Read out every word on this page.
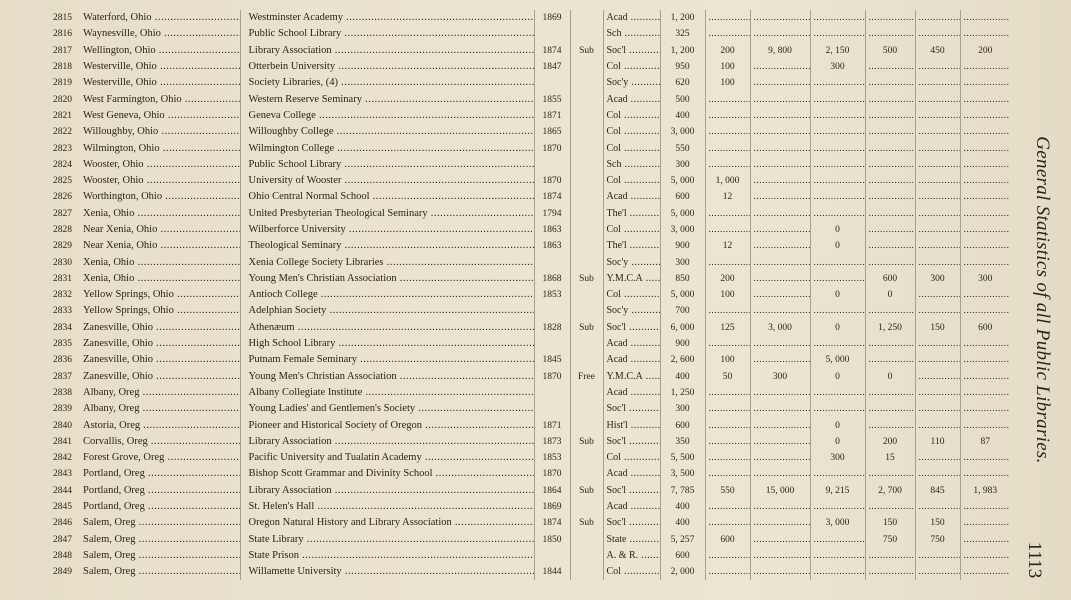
2815	Waterford, Ohio .....	Westminster Academy .....	1869		Acad .....	1, 200	.....	.....	.....	.....	.....	.....
2816	Waynesville, Ohio .....	Public School Library .....			Sch .....	325	.....	.....	.....	.....	.....	.....
2817	Wellington, Ohio .....	Library Association .....	1874	Sub	Soc'l .....	1, 200	200	9, 800	2, 150	500	450	200
2818	Westerville, Ohio .....	Otterbein University .....	1847		Col .....	950	100	.....	300	.....	.....	.....
2819	Westerville, Ohio .....	Society Libraries, (4) .....			Soc'y .....	620	100	.....	.....	.....	.....	.....
2820	West Farmington, Ohio .....	Western Reserve Seminary .....	1855		Acad .....	500	.....	.....	.....	.....	.....	.....
2821	West Geneva, Ohio .....	Geneva College .....	1871		Col .....	400	.....	.....	.....	.....	.....	.....
2822	Willoughby, Ohio .....	Willoughby College .....	1865		Col .....	3, 000	.....	.....	.....	.....	.....	.....
2823	Wilmington, Ohio .....	Wilmington College .....	1870		Col .....	550	.....	.....	.....	.....	.....	.....
2824	Wooster, Ohio .....	Public School Library .....			Sch .....	300	.....	.....	.....	.....	.....	.....
2825	Wooster, Ohio .....	University of Wooster .....	1870		Col .....	5, 000	1, 000	.....	.....	.....	.....	.....
2826	Worthington, Ohio .....	Ohio Central Normal School .....	1874		Acad .....	600	12	.....	.....	.....	.....	.....
2827	Xenia, Ohio .....	United Presbyterian Theological Seminary .....	1794		The'l .....	5, 000	.....	.....	.....	.....	.....	.....
2828	Near Xenia, Ohio .....	Wilberforce University .....	1863		Col .....	3, 000	.....	.....	0	.....	.....	.....
2829	Near Xenia, Ohio .....	Theological Seminary .....	1863		The'l .....	900	12	.....	0	.....	.....	.....
2830	Xenia, Ohio .....	Xenia College Society Libraries .....			Soc'y .....	300	.....	.....	.....	.....	.....	.....
2831	Xenia, Ohio .....	Young Men's Christian Association .....	1868	Sub	Y.M.C.A .....	850	200	.....	.....	600	300	300
2832	Yellow Springs, Ohio .....	Antioch College .....	1853		Col .....	5, 000	100	.....	0	0	.....	.....
2833	Yellow Springs, Ohio .....	Adelphian Society .....			Soc'y .....	700	.....	.....	.....	.....	.....	.....
2834	Zanesville, Ohio .....	Athenæum .....	1828	Sub	Soc'l .....	6, 000	125	3, 000	0	1, 250	150	600
2835	Zanesville, Ohio .....	High School Library .....			Acad .....	900	.....	.....	.....	.....	.....	.....
2836	Zanesville, Ohio .....	Putnam Female Seminary .....	1845		Acad .....	2, 600	100	.....	5, 000	.....	.....	.....
2837	Zanesville, Ohio .....	Young Men's Christian Association .....	1870	Free	Y.M.C.A .....	400	50	300	0	0	.....	.....
2838	Albany, Oreg .....	Albany Collegiate Institute .....			Acad .....	1, 250	.....	.....	.....	.....	.....	.....
2839	Albany, Oreg .....	Young Ladies' and Gentlemen's Society .....			Soc'l .....	300	.....	.....	.....	.....	.....	.....
2840	Astoria, Oreg .....	Pioneer and Historical Society of Oregon .....	1871		Hist'l .....	600	.....	.....	0	.....	.....	.....
2841	Corvallis, Oreg .....	Library Association .....	1873	Sub	Soc'l .....	350	.....	.....	0	200	110	87
2842	Forest Grove, Oreg .....	Pacific University and Tualatin Academy .....	1853		Col .....	5, 500	.....	.....	300	15	.....	.....
2843	Portland, Oreg .....	Bishop Scott Grammar and Divinity School .....	1870		Acad .....	3, 500	.....	.....	.....	.....	.....	.....
2844	Portland, Oreg .....	Library Association .....	1864	Sub	Soc'l .....	7, 785	550	15, 000	9, 215	2, 700	845	1, 983
2845	Portland, Oreg .....	St. Helen's Hall .....	1869		Acad .....	400	.....	.....	.....	.....	.....	.....
2846	Salem, Oreg .....	Oregon Natural History and Library Association .....	1874	Sub	Soc'l .....	400	.....	.....	3, 000	150	150	.....
2847	Salem, Oreg .....	State Library .....	1850		State .....	5, 257	600	.....	.....	750	750	.....
2848	Salem, Oreg .....	State Prison .....			A. & R. .....	600	.....	.....	.....	.....	.....	.....
2849	Salem, Oreg .....	Willamette University .....	1844		Col .....	2, 000	.....	.....	.....	.....	.....	.....
General Statistics of all Public Libraries.
1113
